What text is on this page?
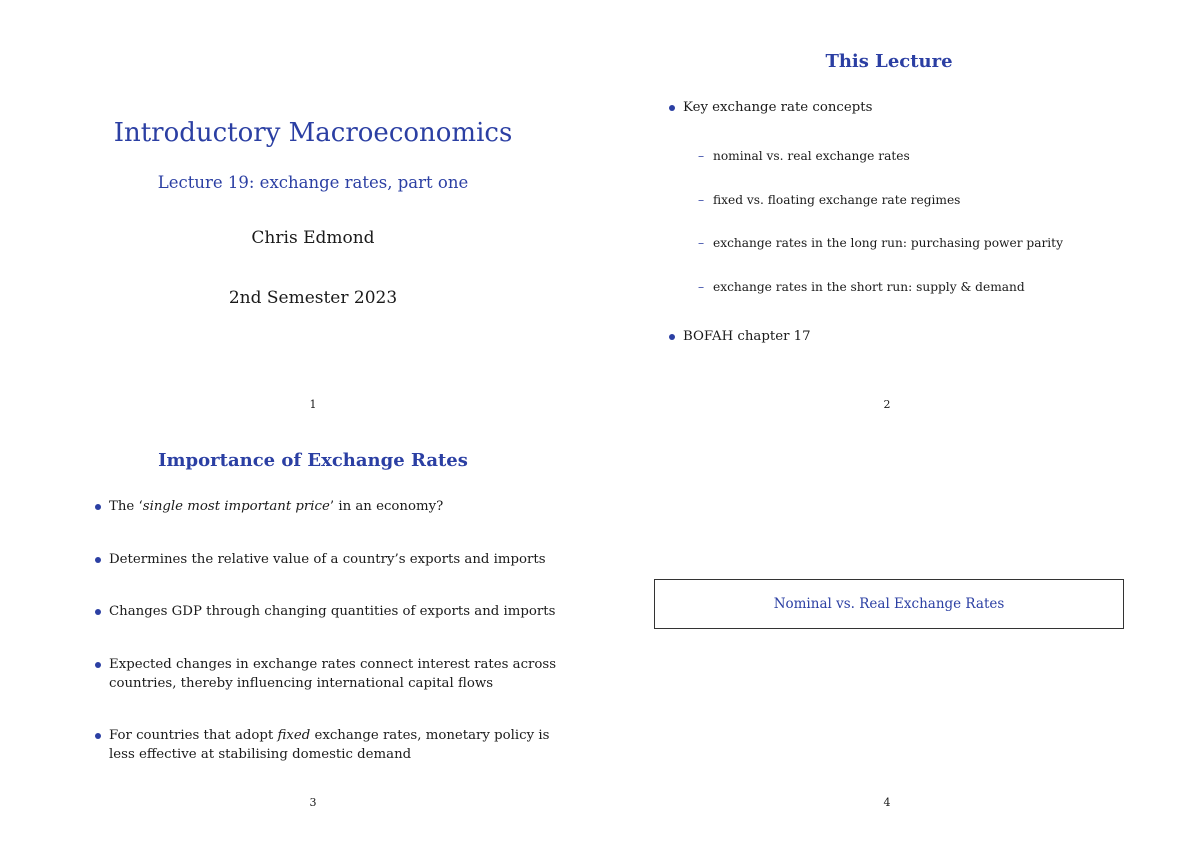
Introductory Macroeconomics
Lecture 19: exchange rates, part one
Chris Edmond
2nd Semester 2023
1
This Lecture
Key exchange rate concepts
– nominal vs. real exchange rates
– fixed vs. floating exchange rate regimes
– exchange rates in the long run: purchasing power parity
– exchange rates in the short run: supply & demand
BOFAH chapter 17
2
Importance of Exchange Rates
The ‘single most important price’ in an economy?
Determines the relative value of a country’s exports and imports
Changes GDP through changing quantities of exports and imports
Expected changes in exchange rates connect interest rates across
countries, thereby influencing international capital flows
For countries that adopt fixed exchange rates, monetary policy is
less effective at stabilising domestic demand
3
Nominal vs. Real Exchange Rates
4
